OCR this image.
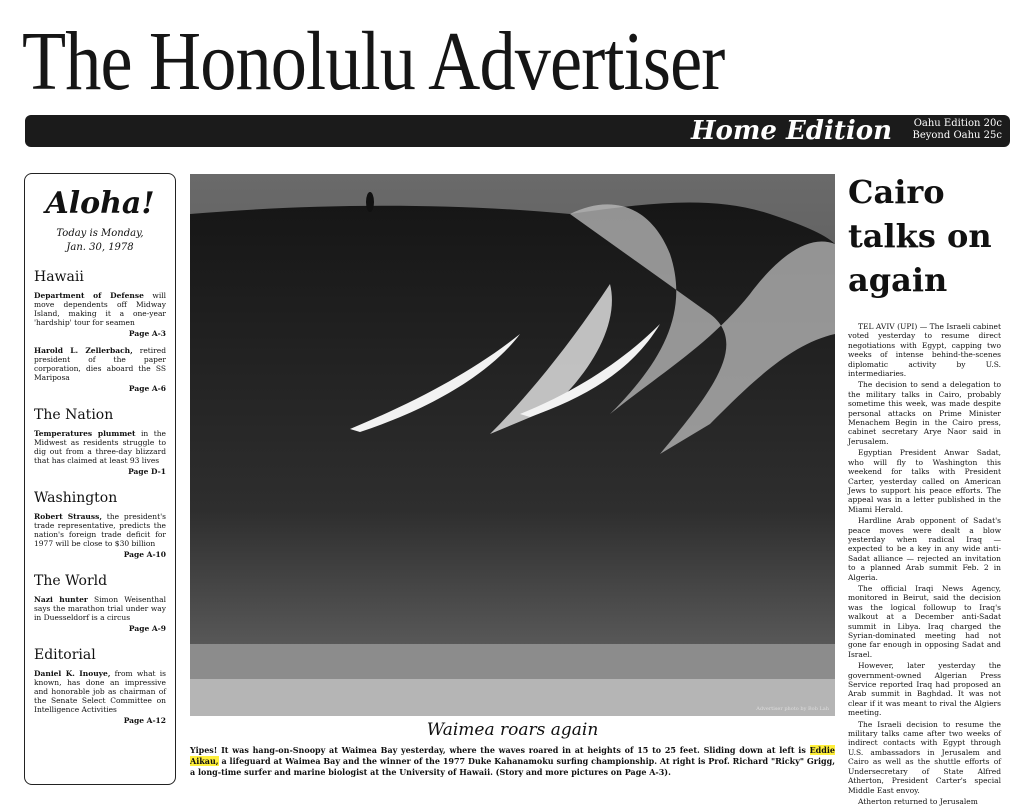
The Honolulu Advertiser
Home Edition	Oahu Edition 20c
Beyond Oahu 25c
Aloha!
Today is Monday,
Jan. 30, 1978
Hawaii
Department of Defense will move dependents off Midway Island, making it a one-year 'hardship' tour for seamen
Page A-3
Harold L. Zellerbach, retired president of the paper corporation, dies aboard the SS Mariposa
Page A-6
The Nation
Temperatures plummet in the Midwest as residents struggle to dig out from a three-day blizzard that has claimed at least 93 lives
Page D-1
Washington
Robert Strauss, the president's trade representative, predicts the nation's foreign trade deficit for 1977 will be close to $30 billion
Page A-10
The World
Nazi hunter Simon Weisenthal says the marathon trial under way in Duesseldorf is a circus
Page A-9
Editorial
Daniel K. Inouye, from what is known, has done an impressive and honorable job as chairman of the Senate Select Committee on Intelligence Activities
Page A-12
Advertiser photo by Bob Lah
Waimea roars again
Yipes! It was hang-on-Snoopy at Waimea Bay yesterday, where the waves roared in at heights of 15 to 25 feet. Sliding down at left is Eddie Aikau, a lifeguard at Waimea Bay and the winner of the 1977 Duke Kahanamoku surfing championship. At right is Prof. Richard "Ricky" Grigg, a long-time surfer and marine biologist at the University of Hawaii. (Story and more pictures on Page A-3).
Cairo
talks on
again

TEL AVIV (UPI) — The Israeli cabinet voted yesterday to resume direct negotiations with Egypt, capping two weeks of intense behind-the-scenes diplomatic activity by U.S. intermediaries.

The decision to send a delegation to the military talks in Cairo, probably sometime this week, was made despite personal attacks on Prime Minister Menachem Begin in the Cairo press, cabinet secretary Arye Naor said in Jerusalem.

Egyptian President Anwar Sadat, who will fly to Washington this weekend for talks with President Carter, yesterday called on American Jews to support his peace efforts. The appeal was in a letter published in the Miami Herald.

Hardline Arab opponent of Sadat's peace moves were dealt a blow yesterday when radical Iraq — expected to be a key in any wide anti-Sadat alliance — rejected an invitation to a planned Arab summit Feb. 2 in Algeria.

The official Iraqi News Agency, monitored in Beirut, said the decision was the logical followup to Iraq's walkout at a December anti-Sadat summit in Libya. Iraq charged the Syrian-dominated meeting had not gone far enough in opposing Sadat and Israel.

However, later yesterday the government-owned Algerian Press Service reported Iraq had proposed an Arab summit in Baghdad. It was not clear if it was meant to rival the Algiers meeting.

The Israeli decision to resume the military talks came after two weeks of indirect contacts with Egypt through U.S. ambassadors in Jerusalem and Cairo as well as the shuttle efforts of Undersecretary of State Alfred Atherton, President Carter's special Middle East envoy.

Atherton returned to Jerusalem
